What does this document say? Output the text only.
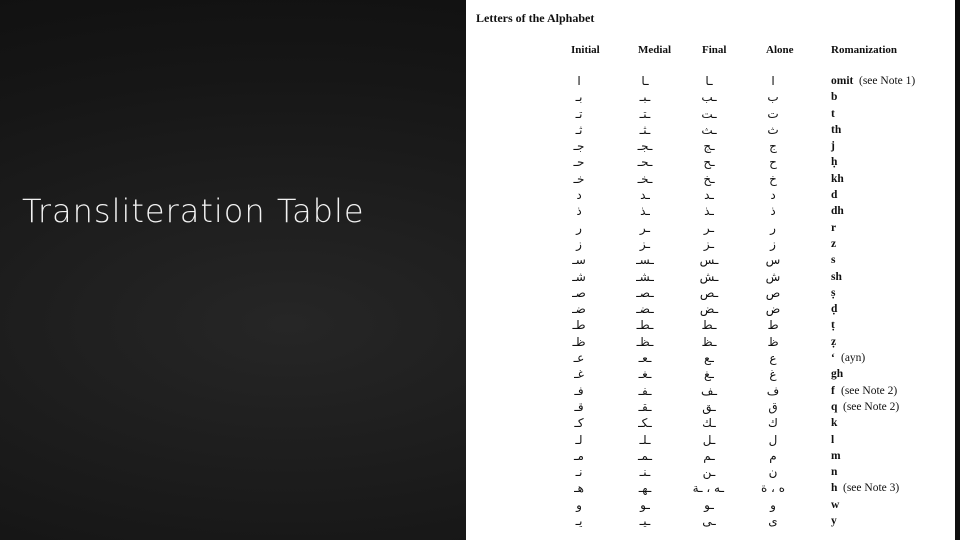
Transliteration Table
Letters of the Alphabet
Initial	Medial	Final	Alone	Romanization
ا	ـا	ـا	ا	omit (see Note 1)
بـ	ـبـ	ـب	ب	b
تـ	ـتـ	ـت	ت	t
ثـ	ـثـ	ـث	ث	th
جـ	ـجـ	ـج	ج	j
حـ	ـحـ	ـح	ح	ḥ
خـ	ـخـ	ـخ	خ	kh
د	ـد	ـد	د	d
ذ	ـذ	ـذ	ذ	dh
ر	ـر	ـر	ر	r
ز	ـز	ـز	ز	z
سـ	ـسـ	ـس	س	s
شـ	ـشـ	ـش	ش	sh
صـ	ـصـ	ـص	ص	ṣ
ضـ	ـضـ	ـض	ض	ḍ
طـ	ـطـ	ـط	ط	ṭ
ظـ	ـظـ	ـظ	ظ	ẓ
عـ	ـعـ	ـع	ع	‘ (ayn)
غـ	ـغـ	ـغ	غ	gh
فـ	ـفـ	ـف	ف	f (see Note 2)
قـ	ـقـ	ـق	ق	q (see Note 2)
كـ	ـكـ	ـك	ك	k
لـ	ـلـ	ـل	ل	l
مـ	ـمـ	ـم	م	m
نـ	ـنـ	ـن	ن	n
هـ	ـهـ	ـه ، ـة	ه ، ة	h (see Note 3)
و	ـو	ـو	و	w
يـ	ـيـ	ـى	ى	y
